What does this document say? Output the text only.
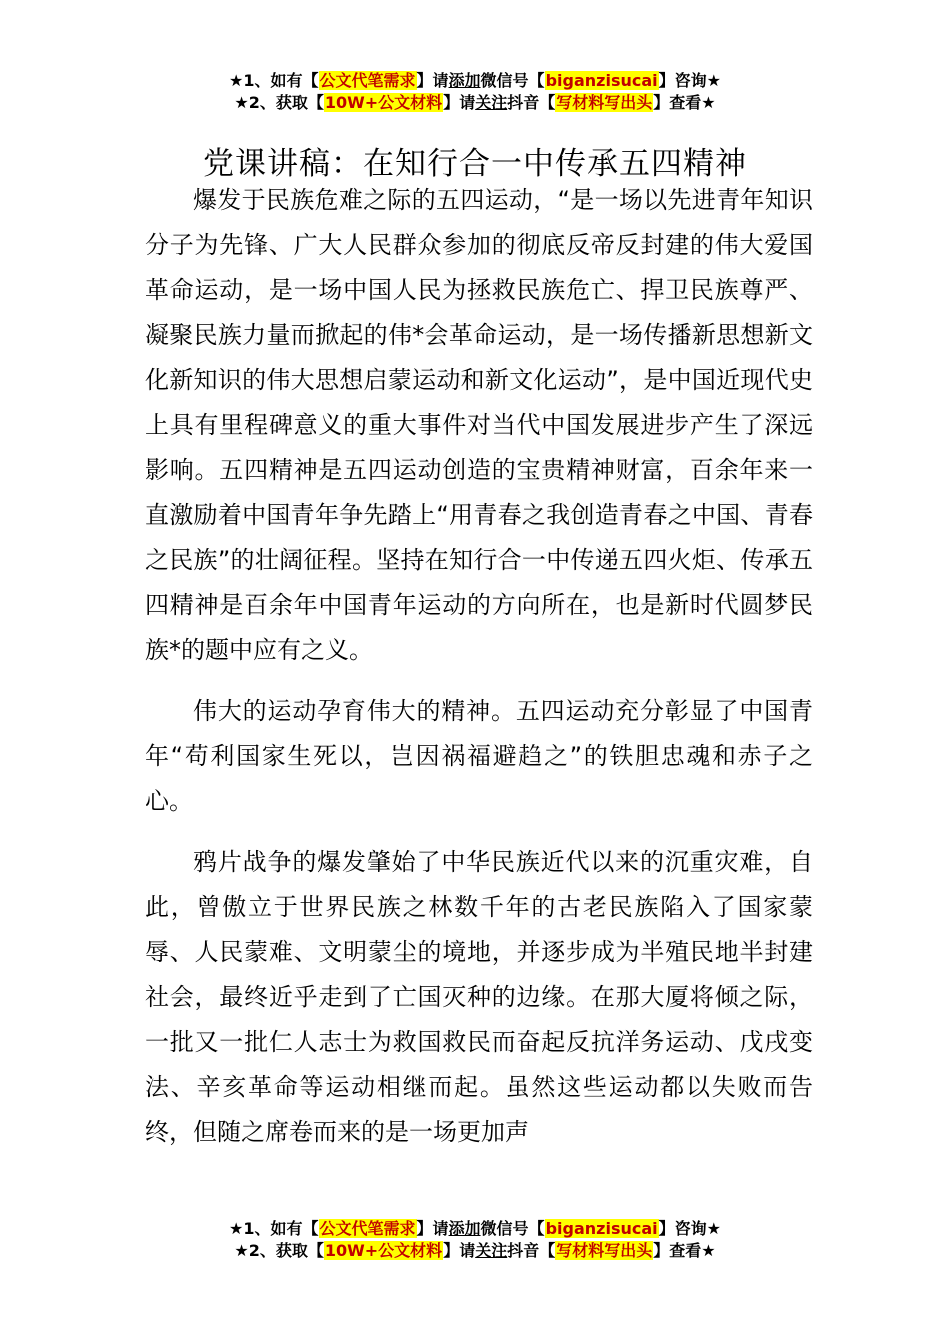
★1、如有【公文代笔需求】请添加微信号【biganzisucai】咨询★
★2、获取【10W+公文材料】请关注抖音【写材料写出头】查看★
党课讲稿：在知行合一中传承五四精神

爆发于民族危难之际的五四运动，“是一场以先进青年知识分子为先锋、广大人民群众参加的彻底反帝反封建的伟大爱国革命运动，是一场中国人民为拯救民族危亡、捍卫民族尊严、凝聚民族力量而掀起的伟*会革命运动，是一场传播新思想新文化新知识的伟大思想启蒙运动和新文化运动”，是中国近现代史上具有里程碑意义的重大事件对当代中国发展进步产生了深远影响。五四精神是五四运动创造的宝贵精神财富，百余年来一直激励着中国青年争先踏上“用青春之我创造青春之中国、青春之民族”的壮阔征程。坚持在知行合一中传递五四火炬、传承五四精神是百余年中国青年运动的方向所在，也是新时代圆梦民族*的题中应有之义。

伟大的运动孕育伟大的精神。五四运动充分彰显了中国青年“苟利国家生死以，岂因祸福避趋之”的铁胆忠魂和赤子之心。

鸦片战争的爆发肇始了中华民族近代以来的沉重灾难，自此，曾傲立于世界民族之林数千年的古老民族陷入了国家蒙辱、人民蒙难、文明蒙尘的境地，并逐步成为半殖民地半封建社会，最终近乎走到了亡国灭种的边缘。在那大厦将倾之际，一批又一批仁人志士为救国救民而奋起反抗洋务运动、戊戌变法、辛亥革命等运动相继而起。虽然这些运动都以失败而告终，但随之席卷而来的是一场更加声

★1、如有【公文代笔需求】请添加微信号【biganzisucai】咨询★
★2、获取【10W+公文材料】请关注抖音【写材料写出头】查看★
